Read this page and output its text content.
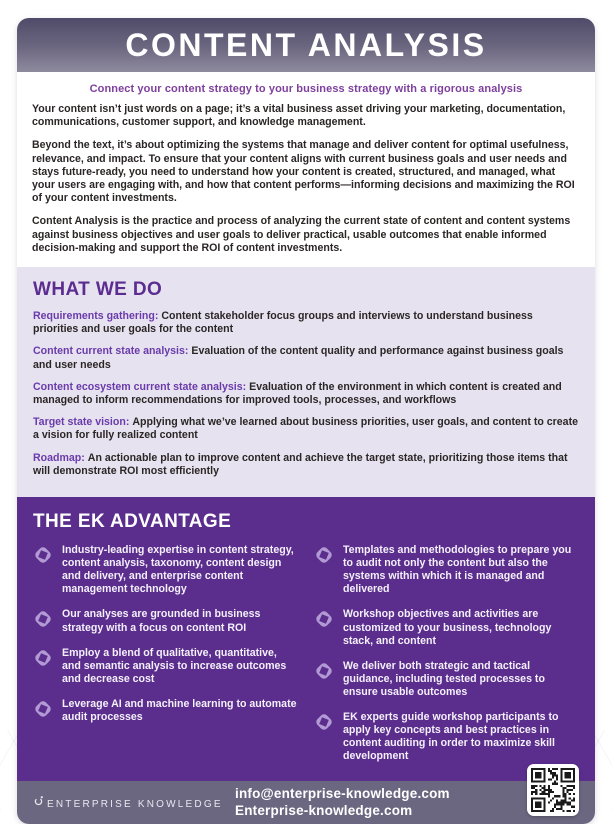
CONTENT ANALYSIS
Connect your content strategy to your business strategy with a rigorous analysis

Your content isn’t just words on a page; it’s a vital business asset driving your marketing, documentation, communications, customer support, and knowledge management.

Beyond the text, it’s about optimizing the systems that manage and deliver content for optimal usefulness, relevance, and impact. To ensure that your content aligns with current business goals and user needs and stays future-ready, you need to understand how your content is created, structured, and managed, what your users are engaging with, and how that content performs—informing decisions and maximizing the ROI of your content investments.

Content Analysis is the practice and process of analyzing the current state of content and content systems against business objectives and user goals to deliver practical, usable outcomes that enable informed decision-making and support the ROI of content investments.

WHAT WE DO

Requirements gathering: Content stakeholder focus groups and interviews to understand business priorities and user goals for the content

Content current state analysis: Evaluation of the content quality and performance against business goals and user needs

Content ecosystem current state analysis: Evaluation of the environment in which content is created and managed to inform recommendations for improved tools, processes, and workflows

Target state vision: Applying what we’ve learned about business priorities, user goals, and content to create a vision for fully realized content

Roadmap: An actionable plan to improve content and achieve the target state, prioritizing those items that will demonstrate ROI most efficiently

THE EK ADVANTAGE
Industry-leading expertise in content strategy, content analysis, taxonomy, content design and delivery, and enterprise content management technology
Our analyses are grounded in business strategy with a focus on content ROI
Employ a blend of qualitative, quantitative, and semantic analysis to increase outcomes and decrease cost
Leverage AI and machine learning to automate audit processes
Templates and methodologies to prepare you to audit not only the content but also the systems within which it is managed and delivered
Workshop objectives and activities are customized to your business, technology stack, and content
We deliver both strategic and tactical guidance, including tested processes to ensure usable outcomes
EK experts guide workshop participants to apply key concepts and best practices in content auditing in order to maximize skill development
ENTERPRISE KNOWLEDGE
info@enterprise-knowledge.com
Enterprise-knowledge.com
